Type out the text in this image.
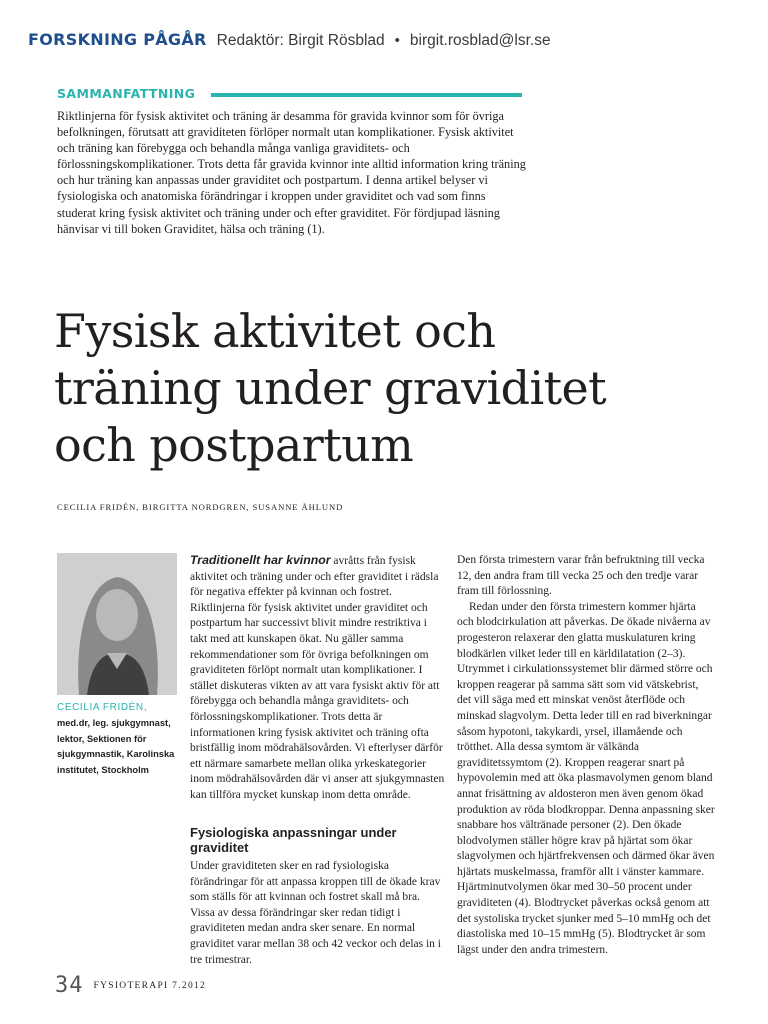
FORSKNING PÅGÅR Redaktör: Birgit Rösblad • birgit.rosblad@lsr.se
SAMMANFATTNING
Riktlinjerna för fysisk aktivitet och träning är desamma för gravida kvinnor som för övriga befolkningen, förutsatt att graviditeten förlöper normalt utan komplikationer. Fysisk aktivitet och träning kan förebygga och behandla många vanliga graviditets- och förlossningskomplikationer. Trots detta får gravida kvinnor inte alltid information kring träning och hur träning kan anpassas under graviditet och postpartum. I denna artikel belyser vi fysiologiska och anatomiska förändringar i kroppen under graviditet och vad som finns studerat kring fysisk aktivitet och träning under och efter graviditet. För fördjupad läsning hänvisar vi till boken Graviditet, hälsa och träning (1).
Fysisk aktivitet och
träning under graviditet
och postpartum
CECILIA FRIDÉN, BIRGITTA NORDGREN, SUSANNE ÅHLUND
CECILIA FRIDÉN,
med.dr, leg. sjukgymnast, lektor, Sektionen för sjukgymnastik, Karolinska institutet, Stockholm

Traditionellt har kvinnor avråtts från fysisk aktivitet och träning under och efter graviditet i rädsla för negativa effekter på kvinnan och fostret. Riktlinjerna för fysisk aktivitet under graviditet och postpartum har successivt blivit mindre restriktiva i takt med att kunskapen ökat. Nu gäller samma rekommendationer som för övriga befolkningen om graviditeten förlöpt normalt utan komplikationer. I stället diskuteras vikten av att vara fysiskt aktiv för att förebygga och behandla många graviditets- och förlossningskomplikationer. Trots detta är informationen kring fysisk aktivitet och träning ofta bristfällig inom mödrahälsovården. Vi efterlyser därför ett närmare samarbete mellan olika yrkeskategorier inom mödrahälsovården där vi anser att sjukgymnasten kan tillföra mycket kunskap inom detta område.

Fysiologiska anpassningar under graviditet

Under graviditeten sker en rad fysiologiska förändringar för att anpassa kroppen till de ökade krav som ställs för att kvinnan och fostret skall må bra. Vissa av dessa förändringar sker redan tidigt i graviditeten medan andra sker senare. En normal graviditet varar mellan 38 och 42 veckor och delas in i tre trimestrar.

Den första trimestern varar från befruktning till vecka 12, den andra fram till vecka 25 och den tredje varar fram till förlossning.

Redan under den första trimestern kommer hjärta och blodcirkulation att påverkas. De ökade nivåerna av progesteron relaxerar den glatta muskulaturen kring blodkärlen vilket leder till en kärldilatation (2–3). Utrymmet i cirkulationssystemet blir därmed större och kroppen reagerar på samma sätt som vid vätskebrist, det vill säga med ett minskat venöst återflöde och minskad slagvolym. Detta leder till en rad biverkningar såsom hypotoni, takykardi, yrsel, illamående och trötthet. Alla dessa symtom är välkända graviditetssymtom (2). Kroppen reagerar snart på hypovolemin med att öka plasmavolymen genom bland annat frisättning av aldosteron men även genom ökad produktion av röda blodkroppar. Denna anpassning sker snabbare hos vältränade personer (2). Den ökade blodvolymen ställer högre krav på hjärtat som ökar slagvolymen och hjärtfrekvensen och därmed ökar även hjärtats muskelmassa, framför allt i vänster kammare. Hjärtminutvolymen ökar med 30–50 procent under graviditeten (4). Blodtrycket påverkas också genom att det systoliska trycket sjunker med 5–10 mmHg och det diastoliska med 10–15 mmHg (5). Blodtrycket är som lägst under den andra trimestern.

34 FYSIOTERAPI 7.2012
